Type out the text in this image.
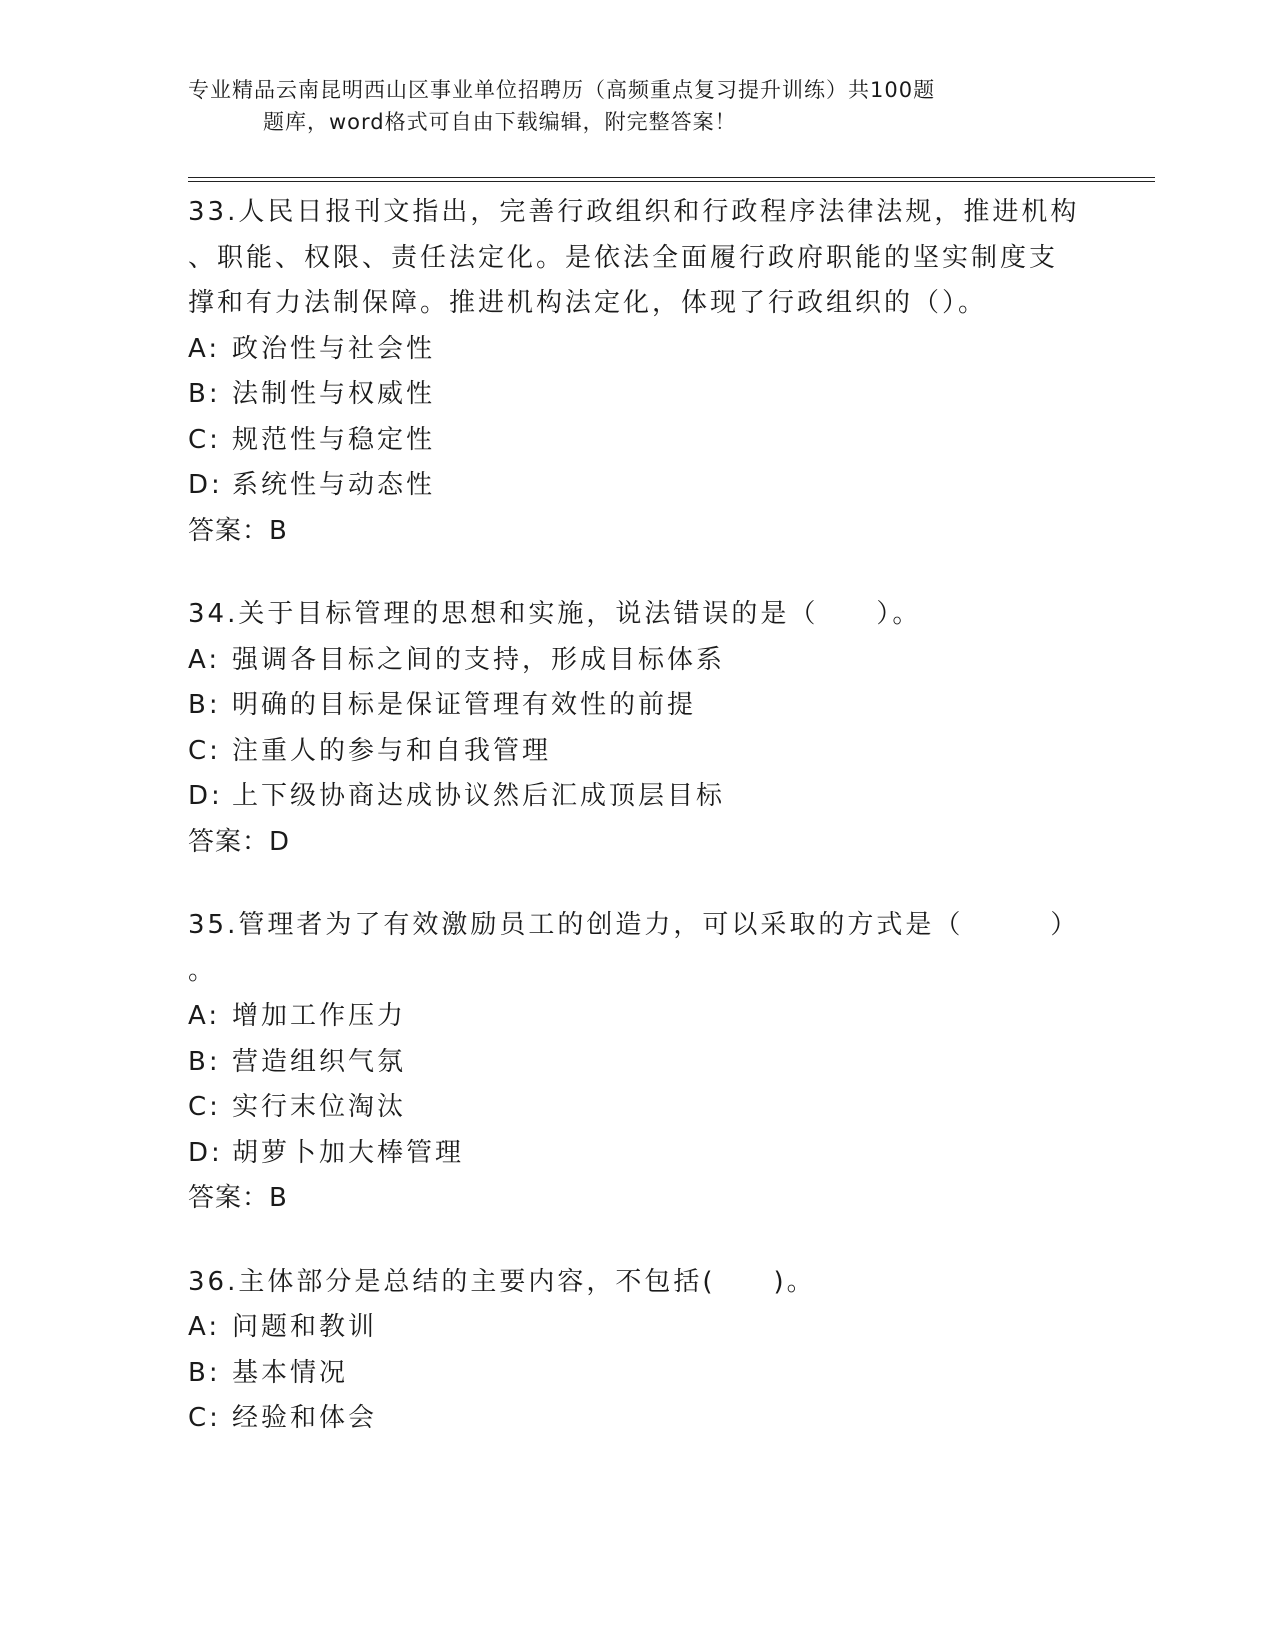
专业精品云南昆明西山区事业单位招聘历（高频重点复习提升训练）共100题
题库，word格式可自由下载编辑，附完整答案！

33.人民日报刊文指出，完善行政组织和行政程序法律法规，推进机构

、职能、权限、责任法定化。是依法全面履行政府职能的坚实制度支

撑和有力法制保障。推进机构法定化，体现了行政组织的（）。

A: 政治性与社会性

B: 法制性与权威性

C: 规范性与稳定性

D: 系统性与动态性

答案：B

34.关于目标管理的思想和实施，说法错误的是（　　）。

A: 强调各目标之间的支持，形成目标体系

B: 明确的目标是保证管理有效性的前提

C: 注重人的参与和自我管理

D: 上下级协商达成协议然后汇成顶层目标

答案：D

35.管理者为了有效激励员工的创造力，可以采取的方式是（　　　）

。

A: 增加工作压力

B: 营造组织气氛

C: 实行末位淘汰

D: 胡萝卜加大棒管理

答案：B

36.主体部分是总结的主要内容，不包括(　　)。

A: 问题和教训

B: 基本情况

C: 经验和体会
